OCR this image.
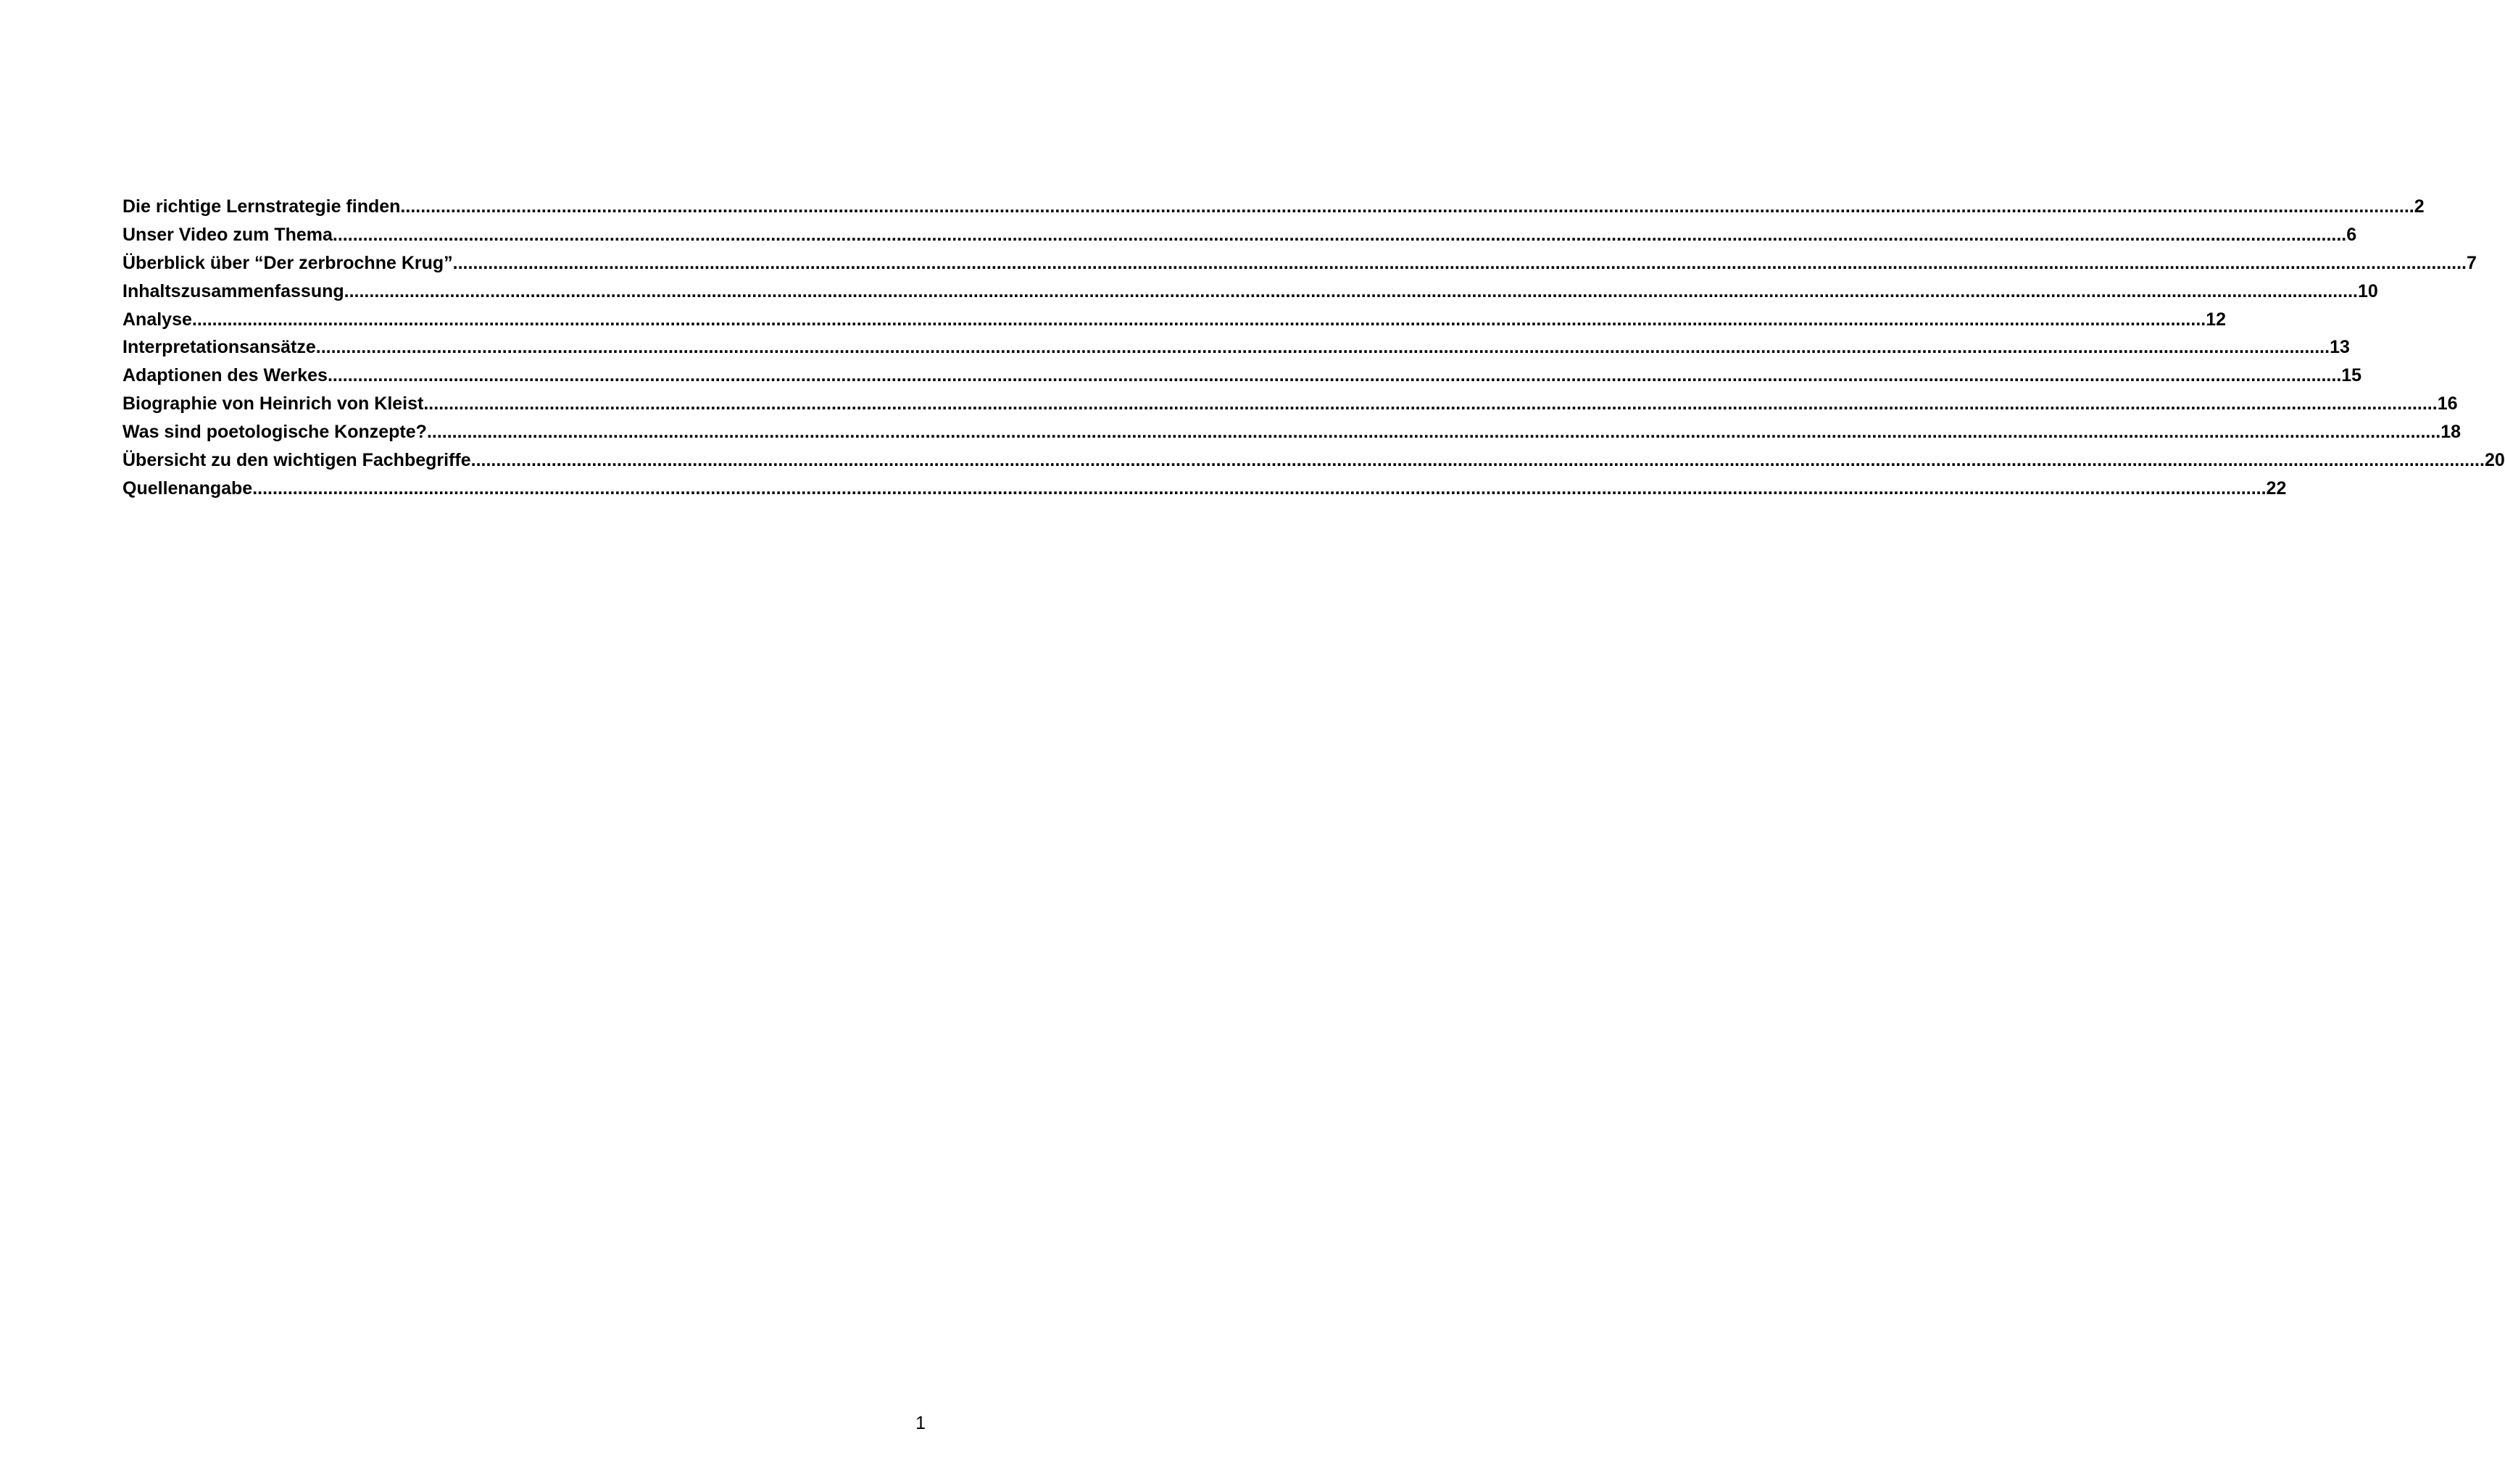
Die richtige Lernstrategie finden ................................................................................................................................................................................................................................................................................................................................................................................................................ 2
Unser Video zum Thema ................................................................................................................................................................................................................................................................................................................................................................................................................ 6
Überblick über “Der zerbrochne Krug” ................................................................................................................................................................................................................................................................................................................................................................................................................ 7
Inhaltszusammenfassung ................................................................................................................................................................................................................................................................................................................................................................................................................ 10
Analyse ................................................................................................................................................................................................................................................................................................................................................................................................................ 12
Interpretationsansätze ................................................................................................................................................................................................................................................................................................................................................................................................................ 13
Adaptionen des Werkes ................................................................................................................................................................................................................................................................................................................................................................................................................ 15
Biographie von Heinrich von Kleist ................................................................................................................................................................................................................................................................................................................................................................................................................ 16
Was sind poetologische Konzepte? ................................................................................................................................................................................................................................................................................................................................................................................................................ 18
Übersicht zu den wichtigen Fachbegriffe ................................................................................................................................................................................................................................................................................................................................................................................................................ 20
Quellenangabe ................................................................................................................................................................................................................................................................................................................................................................................................................ 22
1
